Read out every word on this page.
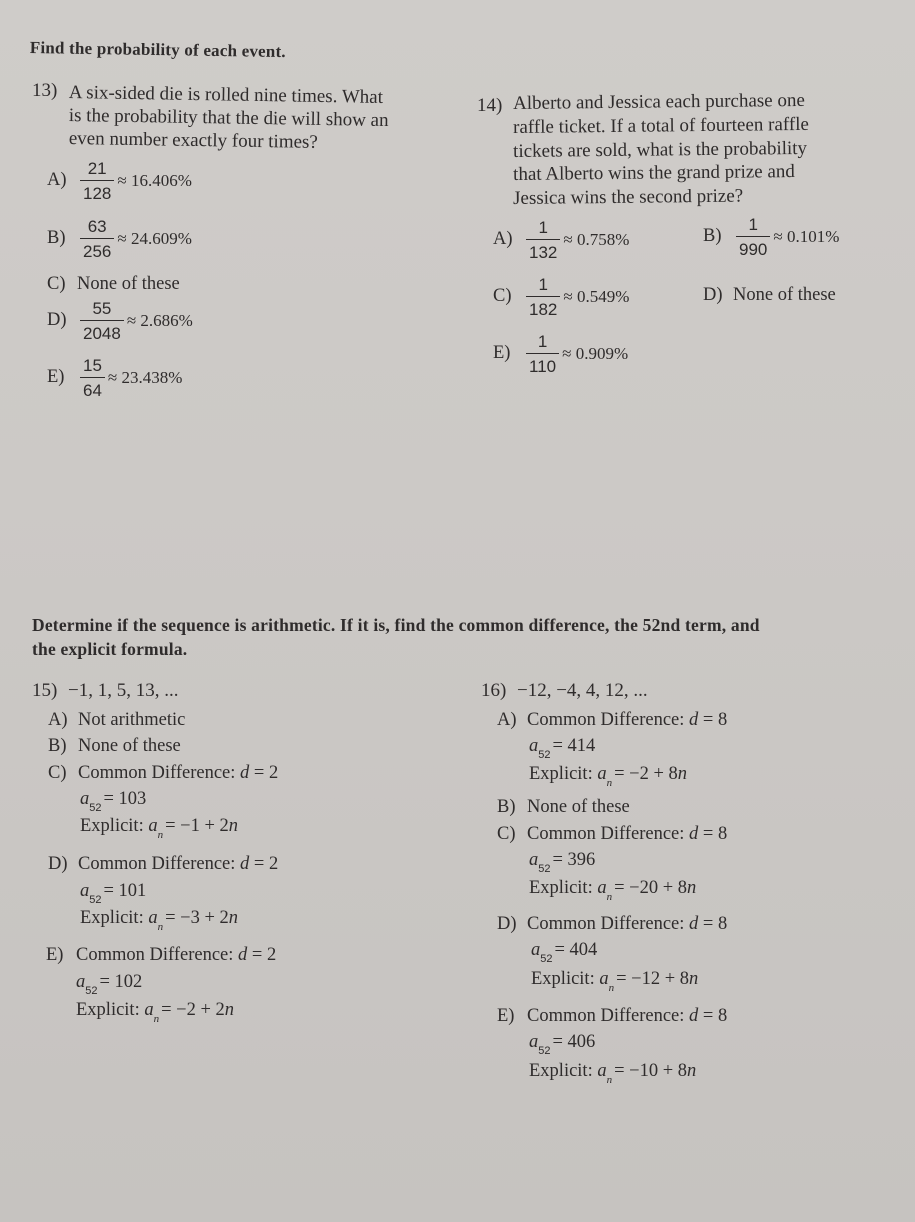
Find the probability of each event.
13) A six-sided die is rolled nine times. What
is the probability that the die will show an
even number exactly four times?
$A) \frac{21}{128} \approx 16.406\%$
$B) \frac{63}{256} \approx 24.609\%$
C) None of these
$D) \frac{55}{2048} \approx 2.686\%$
$E) \frac{15}{64} \approx 23.438\%$
14) Alberto and Jessica each purchase one
raffle ticket. If a total of fourteen raffle
tickets are sold, what is the probability
that Alberto wins the grand prize and
Jessica wins the second prize?
$A) \frac{1}{132} \approx 0.758\%$	$B) \frac{1}{990} \approx 0.101\%$
$C) \frac{1}{182} \approx 0.549\%$	D) None of these
$E) \frac{1}{110} \approx 0.909\%$
Determine if the sequence is arithmetic. If it is, find the common difference, the 52nd term, and
the explicit formula.
15) −1, 1, 5, 13, ...
A) Not arithmetic
B) None of these
C) Common Difference: d = 2
$a_{52} = 103$
Explicit: $a_n = -1 + 2n$
D) Common Difference: d = 2
$a_{52} = 101$
Explicit: $a_n = -3 + 2n$
E) Common Difference: d = 2
$a_{52} = 102$
Explicit: $a_n = -2 + 2n$
16) −12, −4, 4, 12, ...
A) Common Difference: d = 8
$a_{52} = 414$
Explicit: $a_n = -2 + 8n$
B) None of these
C) Common Difference: d = 8
$a_{52} = 396$
Explicit: $a_n = -20 + 8n$
D) Common Difference: d = 8
$a_{52} = 404$
Explicit: $a_n = -12 + 8n$
E) Common Difference: d = 8
$a_{52} = 406$
Explicit: $a_n = -10 + 8n$
